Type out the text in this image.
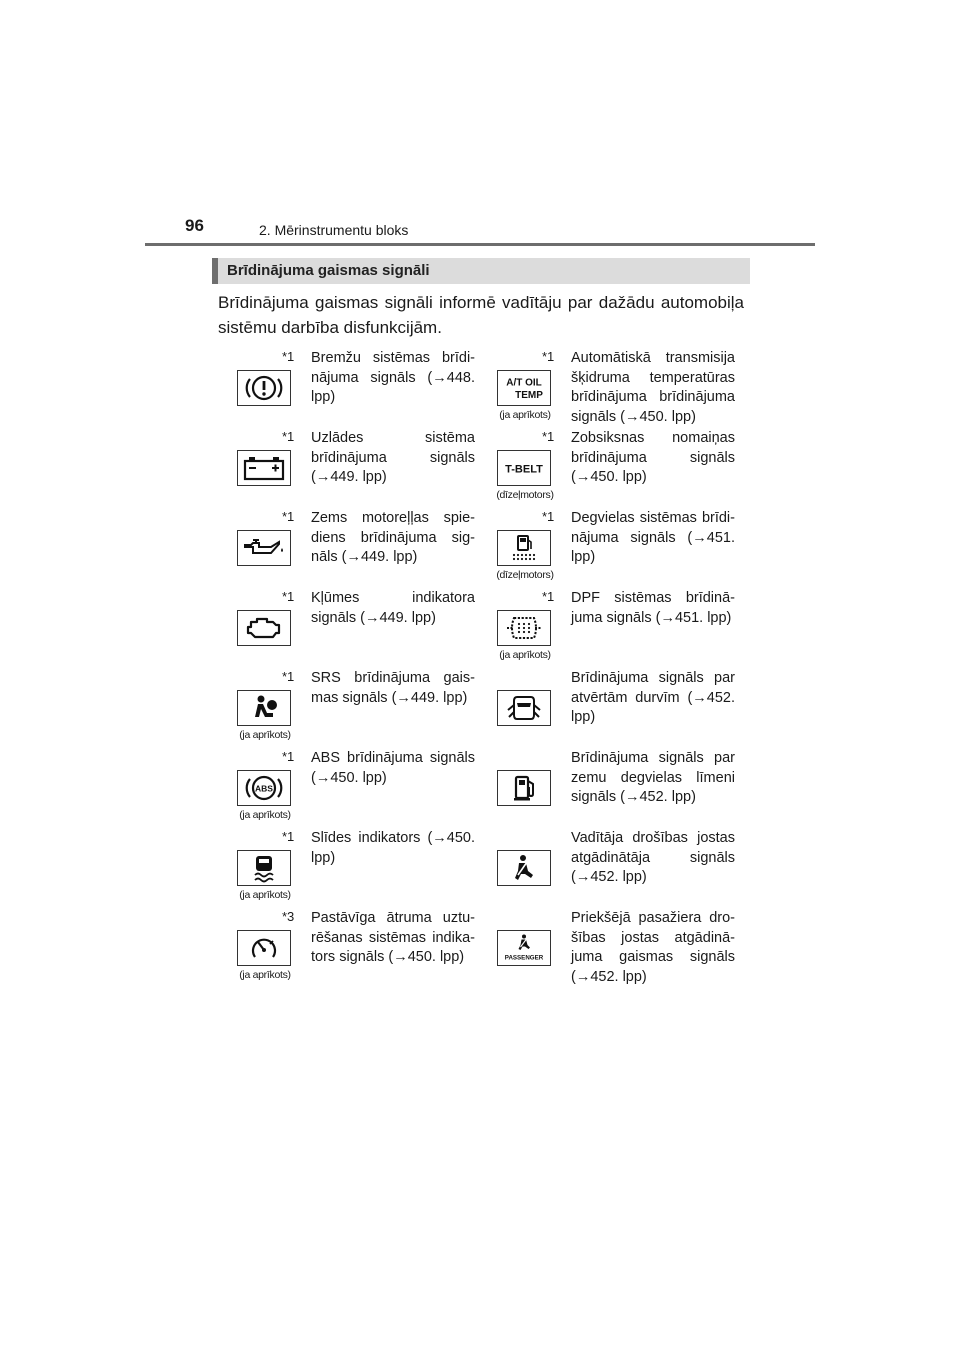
96	2. Mērinstrumentu bloks
Brīdinājuma gaismas signāli
Brīdinājuma gaismas signāli informē vadītāju par dažādu automobiļa sistēmu darbība disfunkcijām.
*1 Bremžu sistēmas brīdi-nājuma signāls (→448. lpp)
*1 Uzlādes sistēma brīdinājuma signāls (→449. lpp)
*1 Zems motoreļļas spie-diens brīdinājuma sig-nāls (→449. lpp)
*1 Kļūmes indikatora signāls (→449. lpp)
*1
(ja aprīkots)
SRS brīdinājuma gais-mas signāls (→449. lpp)
ABS
*1
(ja aprīkots)
ABS brīdinājuma signāls (→450. lpp)
*1
(ja aprīkots)
Slīdes indikators (→450. lpp)
*3
(ja aprīkots)
Pastāvīga ātruma uztu-rēšanas sistēmas indika-tors signāls (→450. lpp)
A/T OIL
TEMP
*1
(ja aprīkots)
Automātiskā transmisija šķidruma temperatūras brīdinājuma brīdinājuma signāls (→450. lpp)
T-BELT
*1
(dīzeļmotors)
Zobsiksnas nomaiņas brīdinājuma signāls (→450. lpp)
*1
(dīzeļmotors)
Degvielas sistēmas brīdi-nājuma signāls (→451. lpp)
*1
(ja aprīkots)
DPF sistēmas brīdinā-juma signāls (→451. lpp)
Brīdinājuma signāls par atvērtām durvīm (→452. lpp)
Brīdinājuma signāls par zemu degvielas līmeni signāls (→452. lpp)
Vadītāja drošības jostas atgādinātāja signāls (→452. lpp)
PASSENGER
Priekšējā pasažiera dro-šības jostas atgādinā-juma gaismas signāls (→452. lpp)
